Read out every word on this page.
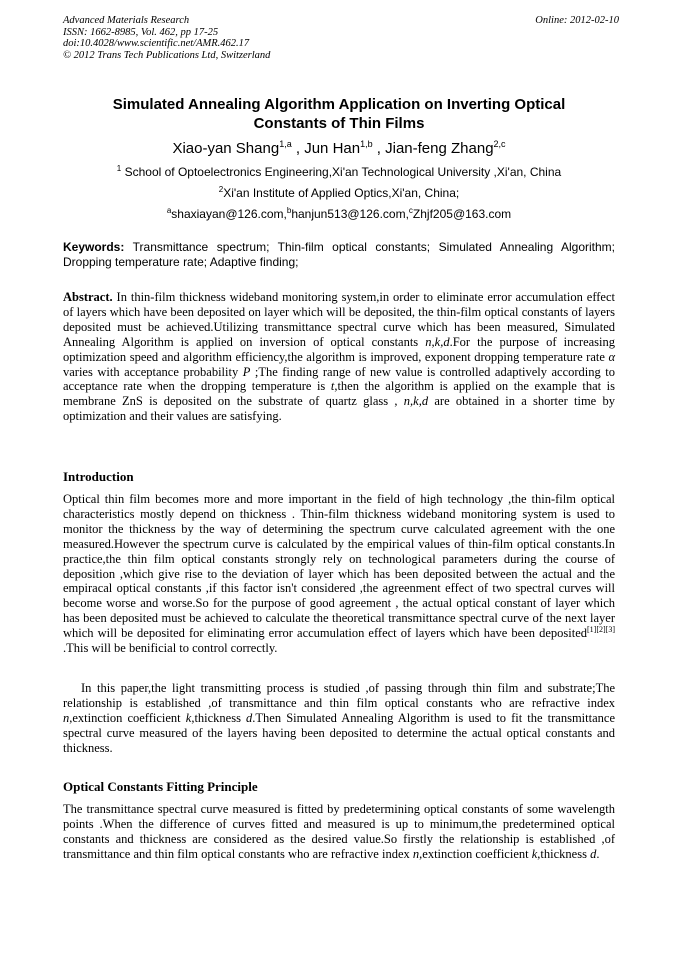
Advanced Materials Research
ISSN: 1662-8985, Vol. 462, pp 17-25
doi:10.4028/www.scientific.net/AMR.462.17
© 2012 Trans Tech Publications Ltd, Switzerland
Online: 2012-02-10
Simulated Annealing Algorithm Application on Inverting Optical
Constants of Thin Films
Xiao-yan Shang$^{1,a}$ , Jun Han$^{1,b}$ , Jian-feng Zhang$^{2,c}$
$^1$ School of Optoelectronics Engineering,Xi'an Technological University ,Xi'an, China
$^2$Xi'an Institute of Applied Optics,Xi'an, China;
$^a$shaxiayan@126.com,$^b$hanjun513@126.com,$^c$Zhjf205@163.com
Keywords: Transmittance spectrum; Thin-film optical constants; Simulated Annealing Algorithm; Dropping temperature rate; Adaptive finding;

Abstract. In thin-film thickness wideband monitoring system,in order to eliminate error accumulation effect of layers which have been deposited on layer which will be deposited, the thin-film optical constants of layers deposited must be achieved.Utilizing transmittance spectral curve which has been measured, Simulated Annealing Algorithm is applied on inversion of optical constants n,k,d.For the purpose of increasing optimization speed and algorithm efficiency,the algorithm is improved, exponent dropping temperature rate α varies with acceptance probability P ;The finding range of new value is controlled adaptively according to acceptance rate when the dropping temperature is t,then the algorithm is applied on the example that is membrane ZnS is deposited on the substrate of quartz glass , n,k,d are obtained in a shorter time by optimization and their values are satisfying.

Introduction

Optical thin film becomes more and more important in the field of high technology ,the thin-film optical characteristics mostly depend on thickness . Thin-film thickness wideband monitoring system is used to monitor the thickness by the way of determining the spectrum curve calculated agreement with the one measured.However the spectrum curve is calculated by the empirical values of thin-film optical constants.In practice,the thin film optical constants strongly rely on technological parameters during the course of deposition ,which give rise to the deviation of layer which has been deposited between the actual and the empiracal optical constants ,if this factor isn't considered ,the agreenment effect of two spectral curves will become worse and worse.So for the purpose of good agreement , the actual optical constant of layer which has been deposited must be achieved to calculate the theoretical transmittance spectral curve of the next layer which will be deposited for eliminating error accumulation effect of layers which have been deposited[1][2][3] .This will be benificial to control correctly.

In this paper,the light transmitting process is studied ,of passing through thin film and substrate;The relationship is established ,of transmittance and thin film optical constants who are refractive index n,extinction coefficient k,thickness d.Then Simulated Annealing Algorithm is used to fit the transmittance spectral curve measured of the layers having been deposited to determine the actual optical constants and thickness.

Optical Constants Fitting Principle

The transmittance spectral curve measured is fitted by predetermining optical constants of some wavelength points .When the difference of curves fitted and measured is up to minimum,the predetermined optical constants and thickness are considered as the desired value.So firstly the relationship is established ,of transmittance and thin film optical constants who are refractive index n,extinction coefficient k,thickness d.
